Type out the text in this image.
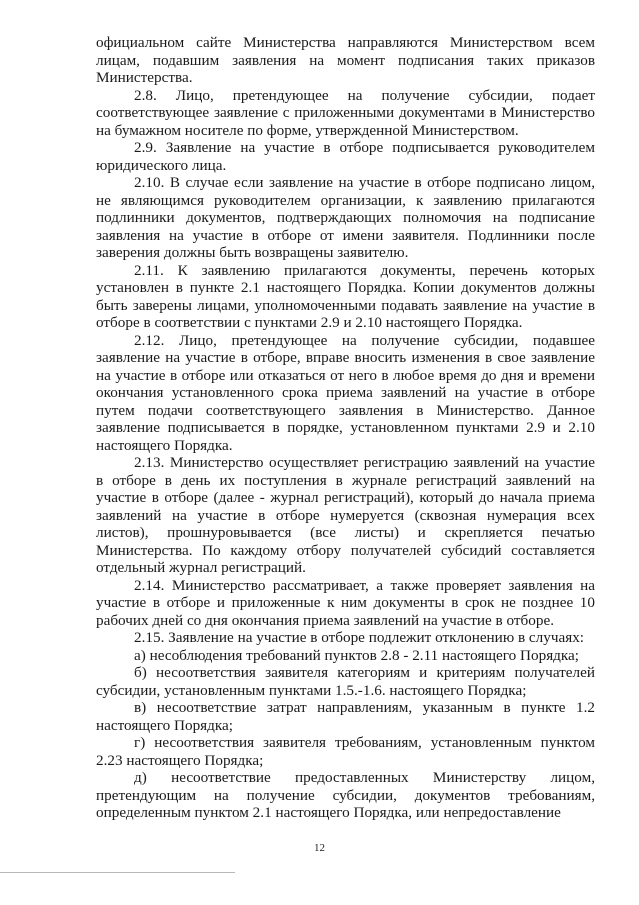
официальном сайте Министерства направляются Министерством всем лицам, подавшим заявления на момент подписания таких приказов Министерства.

2.8. Лицо, претендующее на получение субсидии, подает соответствующее заявление с приложенными документами в Министерство на бумажном носителе по форме, утвержденной Министерством.

2.9. Заявление на участие в отборе подписывается руководителем юридического лица.

2.10. В случае если заявление на участие в отборе подписано лицом, не являющимся руководителем организации, к заявлению прилагаются подлинники документов, подтверждающих полномочия на подписание заявления на участие в отборе от имени заявителя. Подлинники после заверения должны быть возвращены заявителю.

2.11. К заявлению прилагаются документы, перечень которых установлен в пункте 2.1 настоящего Порядка. Копии документов должны быть заверены лицами, уполномоченными подавать заявление на участие в отборе в соответствии с пунктами 2.9 и 2.10 настоящего Порядка.

2.12. Лицо, претендующее на получение субсидии, подавшее заявление на участие в отборе, вправе вносить изменения в свое заявление на участие в отборе или отказаться от него в любое время до дня и времени окончания установленного срока приема заявлений на участие в отборе путем подачи соответствующего заявления в Министерство. Данное заявление подписывается в порядке, установленном пунктами 2.9 и 2.10 настоящего Порядка.

2.13. Министерство осуществляет регистрацию заявлений на участие в отборе в день их поступления в журнале регистраций заявлений на участие в отборе (далее - журнал регистраций), который до начала приема заявлений на участие в отборе нумеруется (сквозная нумерация всех листов), прошнуровывается (все листы) и скрепляется печатью Министерства. По каждому отбору получателей субсидий составляется отдельный журнал регистраций.

2.14. Министерство рассматривает, а также проверяет заявления на участие в отборе и приложенные к ним документы в срок не позднее 10 рабочих дней со дня окончания приема заявлений на участие в отборе.

2.15. Заявление на участие в отборе подлежит отклонению в случаях:

а) несоблюдения требований пунктов 2.8 - 2.11 настоящего Порядка;

б) несоответствия заявителя категориям и критериям получателей субсидии, установленным пунктами 1.5.-1.6. настоящего Порядка;

в) несоответствие затрат направлениям, указанным в пункте 1.2 настоящего Порядка;

г) несоответствия заявителя требованиям, установленным пунктом 2.23 настоящего Порядка;

д) несоответствие предоставленных Министерству лицом, претендующим на получение субсидии, документов требованиям, определенным пунктом 2.1 настоящего Порядка, или непредоставление

12
